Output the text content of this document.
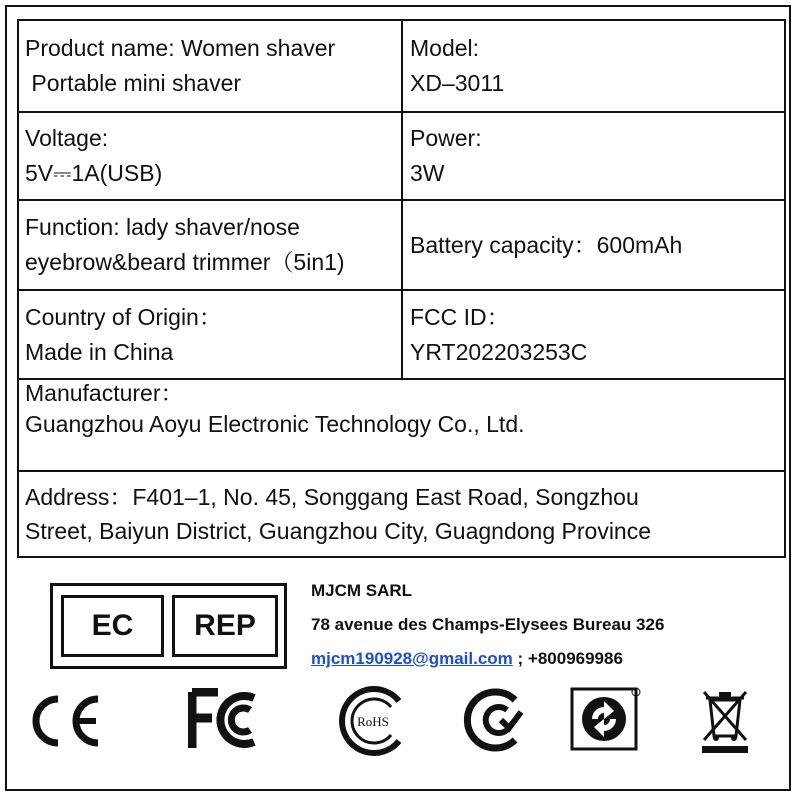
Product name: Women shaver
Portable mini shaver
Model:
XD–3011
Voltage:
5V⎓1A(USB)
Power:
3W
Function: lady shaver/nose
eyebrow&beard trimmer（5in1)
Battery capacity：600mAh
Country of Origin：
Made in China
FCC ID：
YRT202203253C
Manufacturer：
Guangzhou Aoyu Electronic Technology Co., Ltd.
Address：F401–1, No. 45, Songgang East Road, Songzhou
Street, Baiyun District, Guangzhou City, Guagndong Province
EC	REP
MJCM SARL
78 avenue des Champs-Elysees Bureau 326
mjcm190928@gmail.com ; +800969986
RoHS
